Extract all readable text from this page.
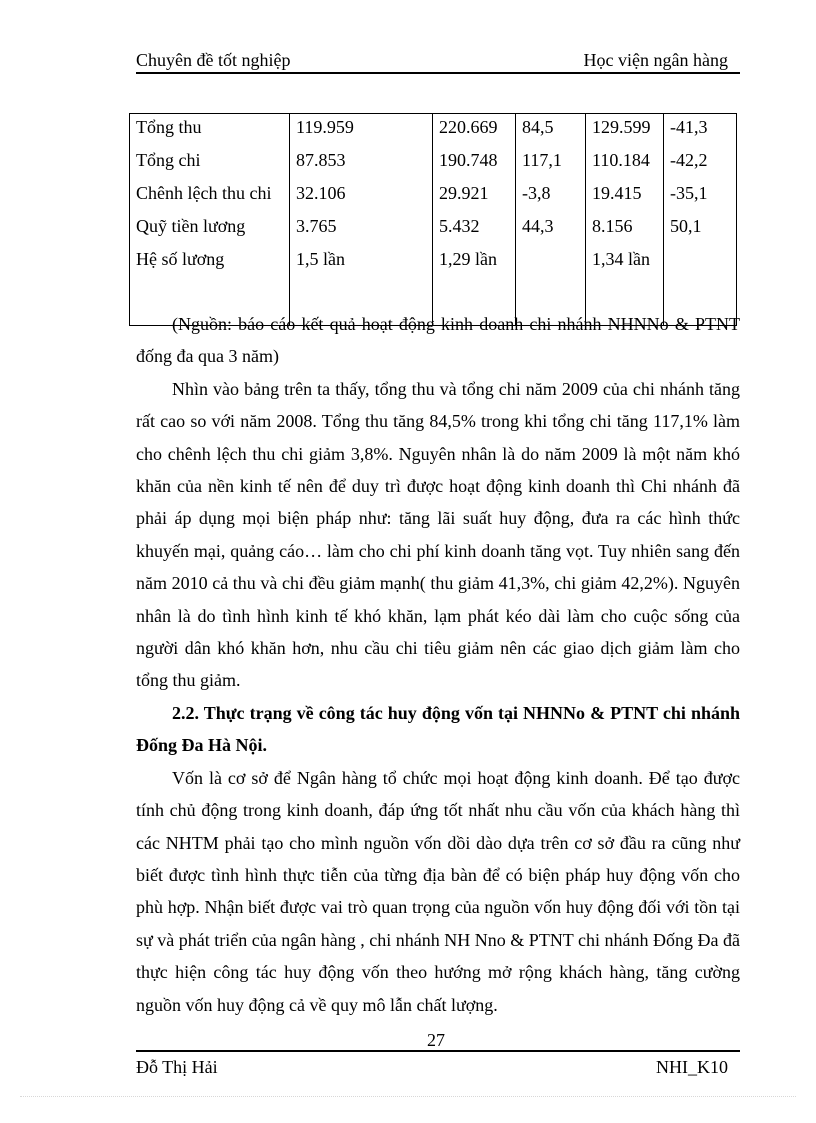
Chuyên đề tốt nghiệp	Học viện ngân hàng
Tổng thu	119.959	220.669	84,5	129.599	-41,3
Tổng chi	87.853	190.748	117,1	110.184	-42,2
Chênh lệch thu chi	32.106	29.921	-3,8	19.415	-35,1
Quỹ tiền lương	3.765	5.432	44,3	8.156	50,1
Hệ số lương	1,5 lần	1,29 lần		1,34 lần	

(Nguồn: báo cáo kết quả hoạt động kinh doanh chi nhánh NHNNo & PTNT đống đa qua 3 năm)

Nhìn vào bảng trên ta thấy, tổng thu và tổng chi năm 2009 của chi nhánh tăng rất cao so với năm 2008. Tổng thu tăng 84,5% trong khi tổng chi tăng 117,1% làm cho chênh lệch thu chi giảm 3,8%. Nguyên nhân là do năm 2009 là một năm khó khăn của nền kinh tế nên để duy trì được hoạt động kinh doanh thì Chi nhánh đã phải áp dụng mọi biện pháp như: tăng lãi suất huy động, đưa ra các hình thức khuyến mại, quảng cáo… làm cho chi phí kinh doanh tăng vọt. Tuy nhiên sang đến năm 2010 cả thu và chi đều giảm mạnh( thu giảm 41,3%, chi giảm 42,2%). Nguyên nhân là do tình hình kinh tế khó khăn, lạm phát kéo dài làm cho cuộc sống của người dân khó khăn hơn, nhu cầu chi tiêu giảm nên các giao dịch giảm làm cho tổng thu giảm.

2.2. Thực trạng về công tác huy động vốn tại NHNNo & PTNT chi nhánh Đống Đa Hà Nội.

Vốn là cơ sở để Ngân hàng tổ chức mọi hoạt động kinh doanh. Để tạo được tính chủ động trong kinh doanh, đáp ứng tốt nhất nhu cầu vốn của khách hàng thì các NHTM phải tạo cho mình nguồn vốn dồi dào dựa trên cơ sở đầu ra cũng như biết được tình hình thực tiễn của từng địa bàn để có biện pháp huy động vốn cho phù hợp. Nhận biết được vai trò quan trọng của nguồn vốn huy động đối với tồn tại sự và phát triển của ngân hàng , chi nhánh NH Nno & PTNT chi nhánh Đống Đa đã thực hiện công tác huy động vốn theo hướng mở rộng khách hàng, tăng cường nguồn vốn huy động cả về quy mô lẫn chất lượng.

27
Đỗ Thị Hải	NHI_K10
